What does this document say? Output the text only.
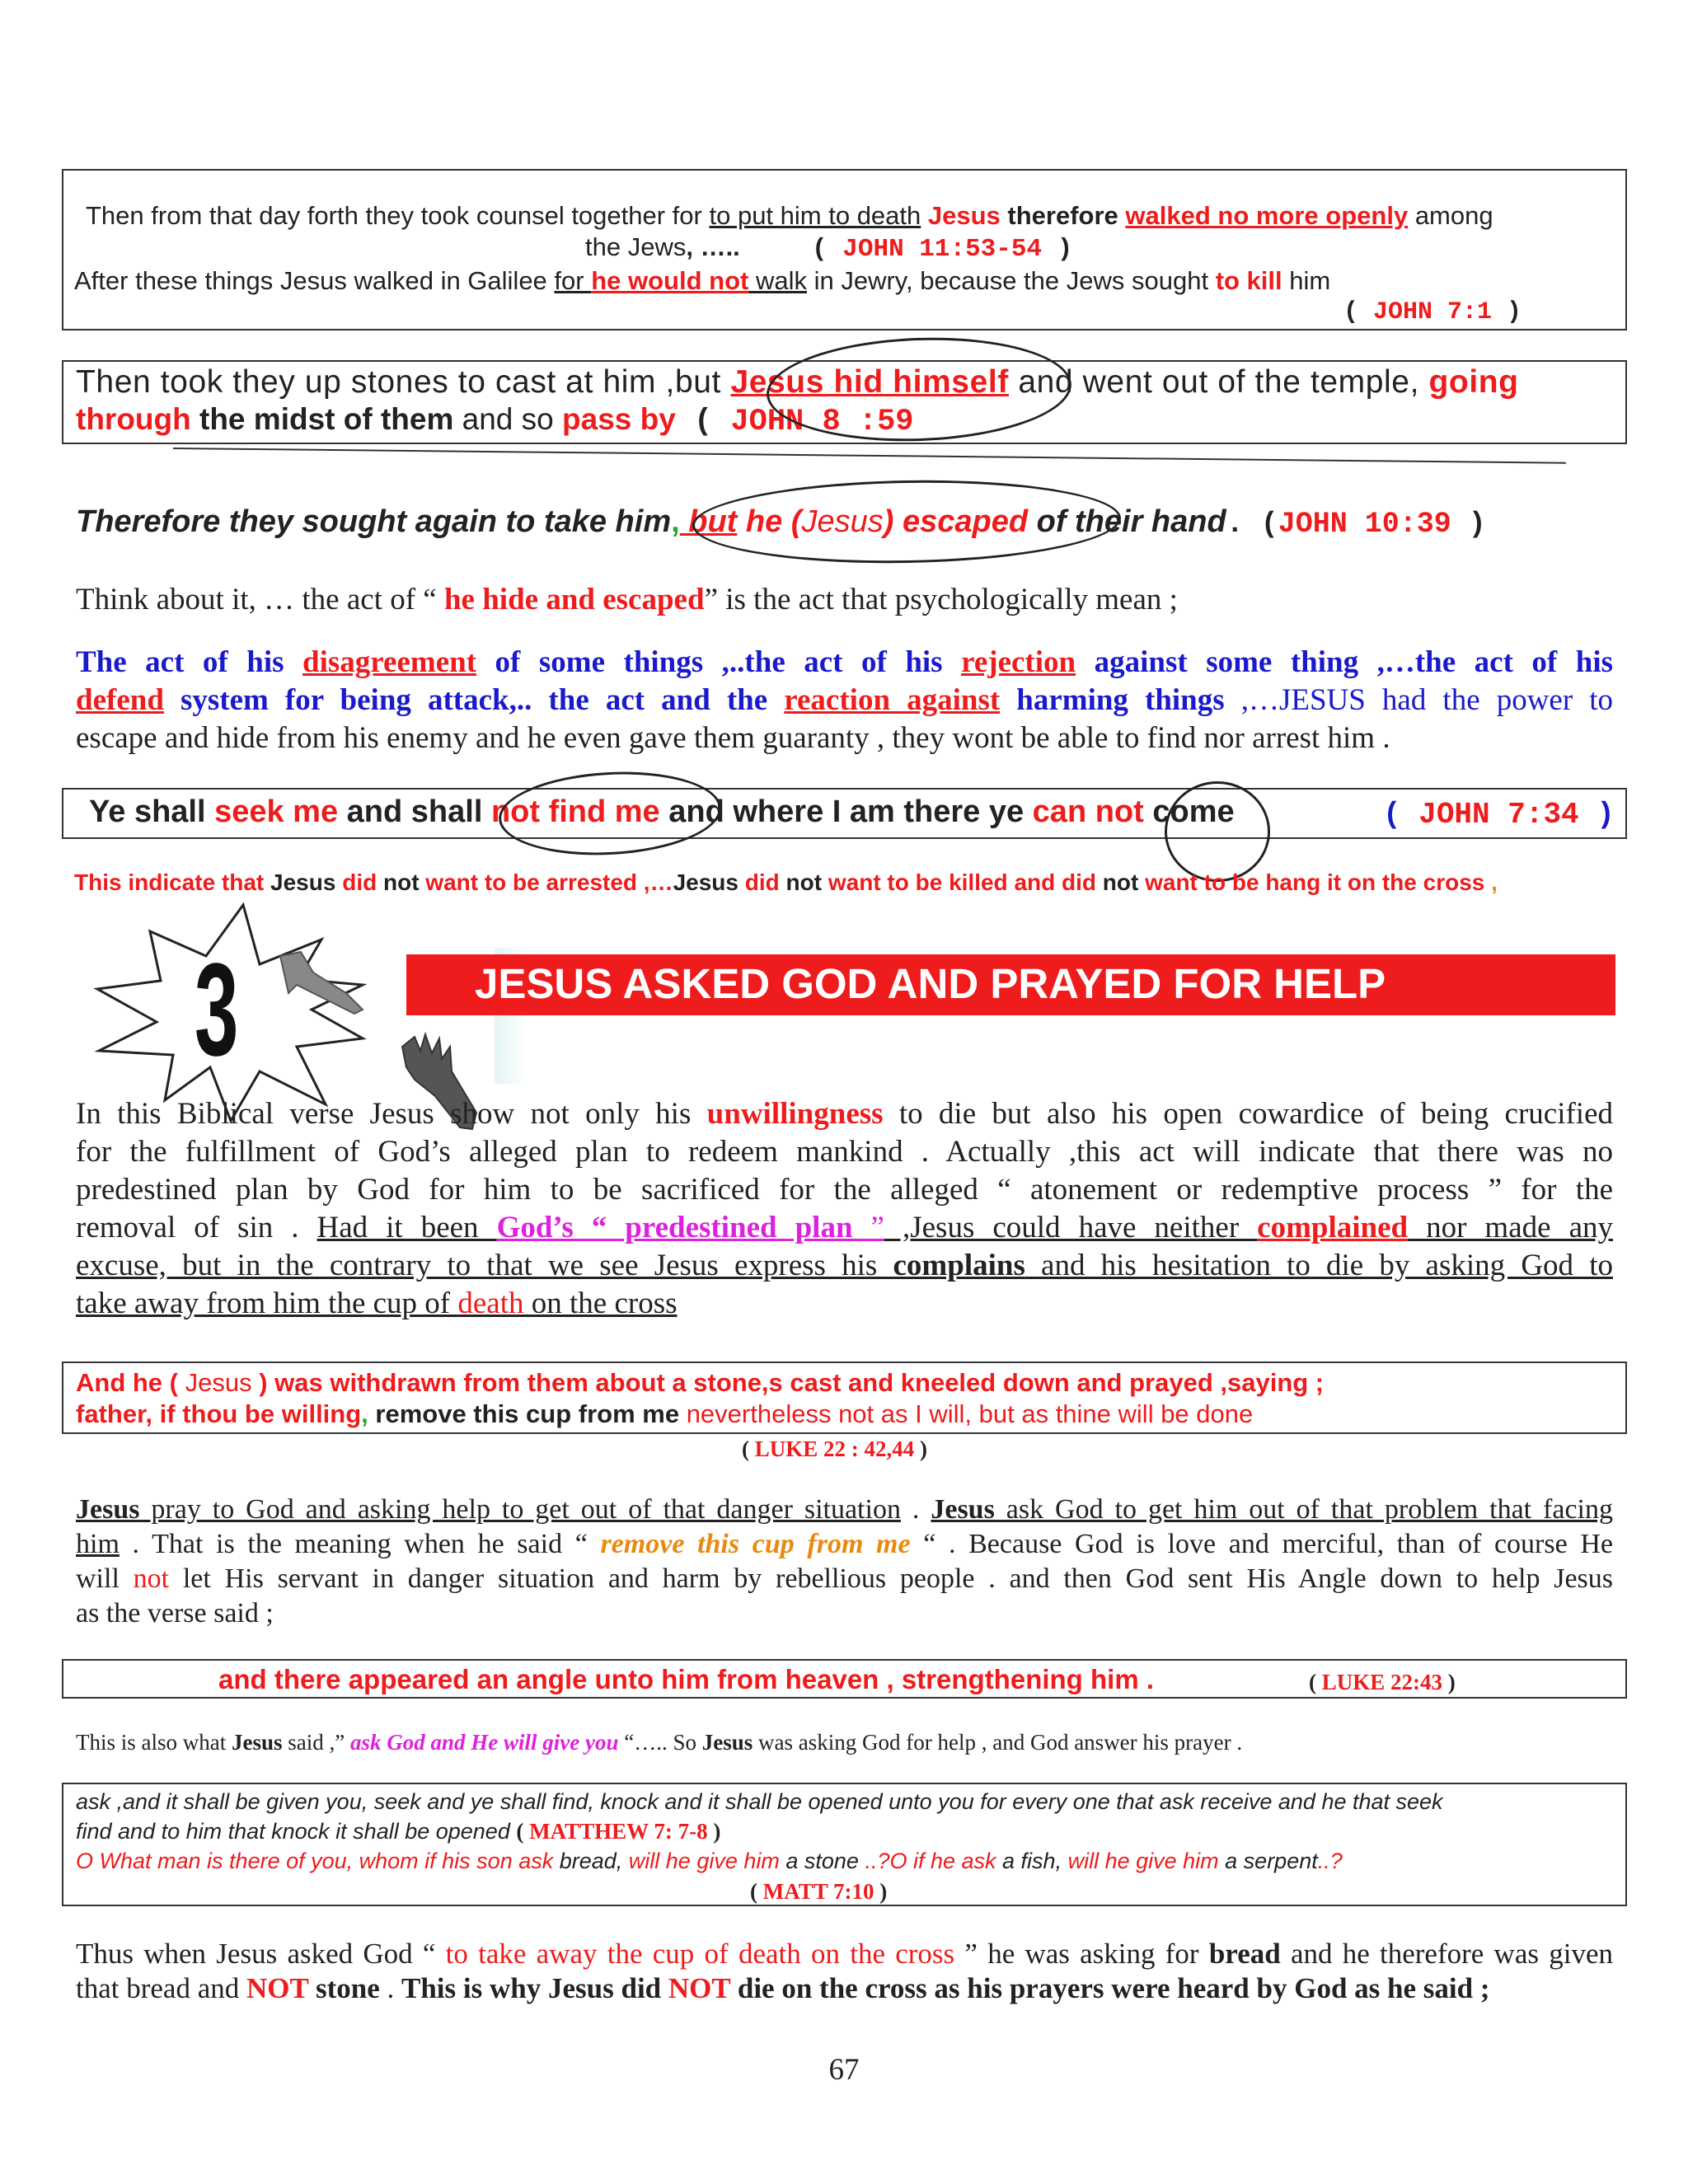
Then from that day forth they took counsel together for to put him to death Jesus therefore walked no more openly among
the Jews, …..	( JOHN 11:53-54 )
After these things Jesus walked in Galilee for he would not walk in Jewry, because the Jews sought to kill him
( JOHN 7:1 )
Then took they up stones to cast at him ,but Jesus hid himself and went out of the temple, going
through the midst of them and so pass by ( JOHN 8 :59
Therefore they sought again to take him, but he (Jesus) escaped of their hand. (JOHN 10:39 )
Think about it, … the act of “ he hide and escaped” is the act that psychologically mean ;
The act of his disagreement of some things ,..the act of his rejection against some thing ,…the act of his
defend system for being attack,.. the act and the reaction against harming things ,…JESUS had the power to
escape and hide from his enemy and he even gave them guaranty , they wont be able to find nor arrest him .
Ye shall seek me and shall not find me and where I am there ye can not come	( JOHN 7:34 )
This indicate that Jesus did not want to be arrested ,…Jesus did not want to be killed and did not want to be hang it on the cross ,
JESUS ASKED GOD AND PRAYED FOR HELP
3
In this Biblical verse Jesus show not only his unwillingness to die but also his open cowardice of being crucified
for the fulfillment of God’s alleged plan to redeem mankind . Actually ,this act will indicate that there was no
predestined plan by God for him to be sacrificed for the alleged “ atonement or redemptive process ” for the
removal of sin . Had it been God’s “ predestined plan ” ,Jesus could have neither complained nor made any
excuse, but in the contrary to that we see Jesus express his complains and his hesitation to die by asking God to
take away from him the cup of death on the cross
And he ( Jesus ) was withdrawn from them about a stone,s cast and kneeled down and prayed ,saying ;
father, if thou be willing, remove this cup from me nevertheless not as I will, but as thine will be done
( LUKE 22 : 42,44 )
Jesus pray to God and asking help to get out of that danger situation . Jesus ask God to get him out of that problem that facing
him . That is the meaning when he said “ remove this cup from me “ . Because God is love and merciful, than of course He
will not let His servant in danger situation and harm by rebellious people . and then God sent His Angle down to help Jesus
as the verse said ;
and there appeared an angle unto him from heaven , strengthening him .	( LUKE 22:43 )
This is also what Jesus said ,” ask God and He will give you “….. So Jesus was asking God for help , and God answer his prayer .
ask ,and it shall be given you, seek and ye shall find, knock and it shall be opened unto you for every one that ask receive and he that seek
find and to him that knock it shall be opened ( MATTHEW 7: 7-8 )
O What man is there of you, whom if his son ask bread, will he give him a stone ..?O if he ask a fish, will he give him a serpent..?
( MATT 7:10 )
Thus when Jesus asked God “ to take away the cup of death on the cross ” he was asking for bread and he therefore was given
that bread and NOT stone . This is why Jesus did NOT die on the cross as his prayers were heard by God as he said ;
67
